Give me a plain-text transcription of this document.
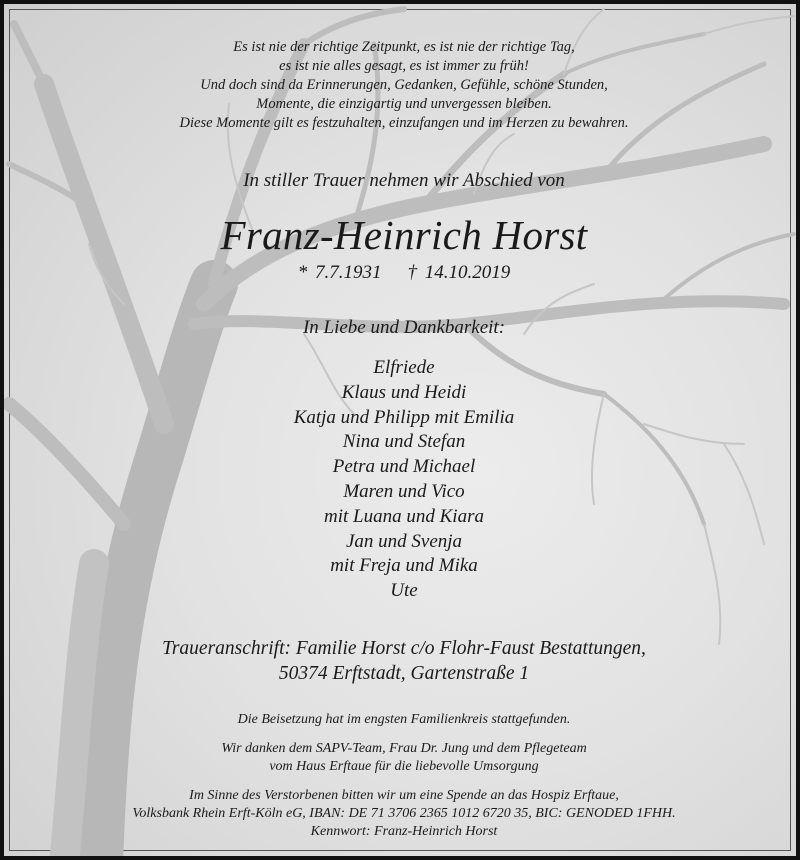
Es ist nie der richtige Zeitpunkt, es ist nie der richtige Tag,
es ist nie alles gesagt, es ist immer zu früh!
Und doch sind da Erinnerungen, Gedanken, Gefühle, schöne Stunden,
Momente, die einzigartig und unvergessen bleiben.
Diese Momente gilt es festzuhalten, einzufangen und im Herzen zu bewahren.
In stiller Trauer nehmen wir Abschied von
Franz-Heinrich Horst
* 7.7.1931 † 14.10.2019
In Liebe und Dankbarkeit:
Elfriede
Klaus und Heidi
Katja und Philipp mit Emilia
Nina und Stefan
Petra und Michael
Maren und Vico
mit Luana und Kiara
Jan und Svenja
mit Freja und Mika
Ute
Traueranschrift: Familie Horst c/o Flohr-Faust Bestattungen,
50374 Erftstadt, Gartenstraße 1
Die Beisetzung hat im engsten Familienkreis stattgefunden.
Wir danken dem SAPV-Team, Frau Dr. Jung und dem Pflegeteam
vom Haus Erftaue für die liebevolle Umsorgung
Im Sinne des Verstorbenen bitten wir um eine Spende an das Hospiz Erftaue,
Volksbank Rhein Erft-Köln eG, IBAN: DE 71 3706 2365 1012 6720 35, BIC: GENODED 1FHH.
Kennwort: Franz-Heinrich Horst
